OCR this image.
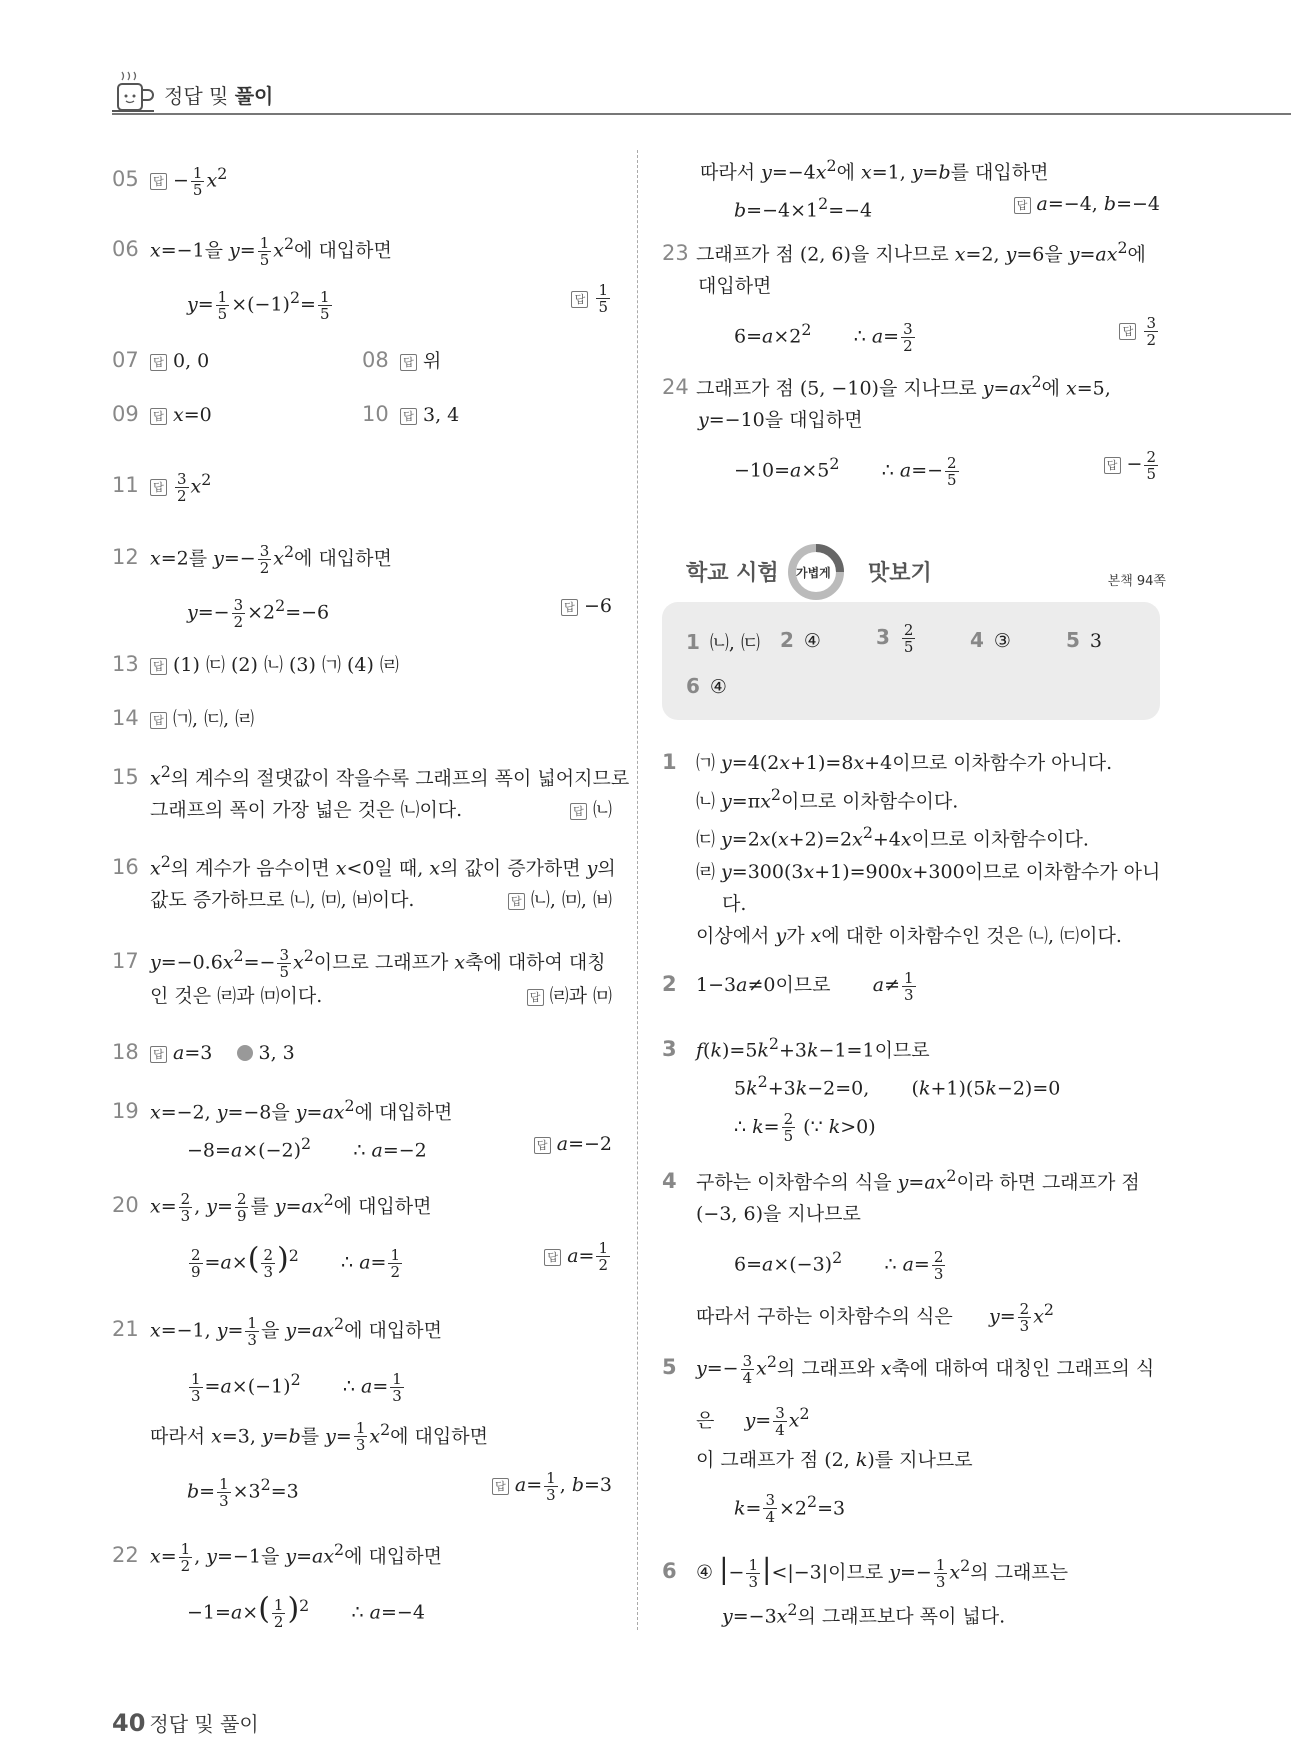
정답 및 풀이
05 답 − $\frac{1}{5} x^2$
06 x=−1을 $y= \frac{1}{5} x^2$에 대입하면
$y= \frac{1}{5} \times(-1)^2= \frac{1}{5}$ 답	$\frac{1}{5}$
07 답 0, 0	08 답 위
09 답 x=0	10 답 3, 4
11 답 $\frac{3}{2} x^2$
12 x=2를 $y=- \frac{3}{2} x^2$에 대입하면
$y=- \frac{3}{2} \times 2^2=-6$ 답	−6
13 답 (1) ㈂ (2) ㈁ (3) ㈀ (4) ㈃
14 답 ㈀, ㈂, ㈃
15 $x^2$의 계수의 절댓값이 작을수록 그래프의 폭이 넓어지므로
그래프의 폭이 가장 넓은 것은 ㈁이다. 답	㈁
16 $x^2$의 계수가 음수이면 x<0일 때, x의 값이 증가하면 y의
값도 증가하므로 ㈁, ㈄, ㈅이다. 답	㈁, ㈄, ㈅
17 $y=-0.6x^2=- \frac{3}{5} x^2$이므로 그래프가 x축에 대하여 대칭
인 것은 ㈃과 ㈄이다. 답	㈃과 ㈄
18 답 a=3    3, 3
19 x=−2, y=−8을 $y=ax^2$에 대입하면
$-8=a\times(-2)^2$       ∴ a=−2 답	a=−2
20 $x= \frac{2}{3}$ , $y= \frac{2}{9}$ 를 $y=ax^2$에 대입하면
$\frac{2}{9} =a\times( \frac{2}{3} )^2$       ∴ $a= \frac{1}{2}$ 답	$a= \frac{1}{2}$
21 x=−1, $y= \frac{1}{3}$ 을 $y=ax^2$에 대입하면
$\frac{1}{3} =a\times(-1)^2$       ∴ $a= \frac{1}{3}$
따라서 x=3, y=b를 $y= \frac{1}{3} x^2$에 대입하면
$b= \frac{1}{3} \times 3^2=3$ 답	$a= \frac{1}{3}$ , b=3
22 $x= \frac{1}{2}$ , y=−1을 $y=ax^2$에 대입하면
$-1=a\times( \frac{1}{2} )^2$       ∴ a=−4
따라서 $y=-4x^2$에 x=1, y=b를 대입하면
$b=-4\times 1^2=-4$ 답	a=−4, b=−4
23 그래프가 점 (2, 6)을 지나므로 x=2, y=6을 $y=ax^2$에
대입하면
$6=a\times 2^2$       ∴ $a= \frac{3}{2}$ 답	$\frac{3}{2}$
24 그래프가 점 (5, −10)을 지나므로 $y=ax^2$에 x=5,
y=−10을 대입하면
$-10=a\times 5^2$       ∴ $a=- \frac{2}{5}$ 답	− $\frac{2}{5}$
학교 시험 가볍게 맛보기	본책 94쪽
1 ㈁, ㈂ 2 ④	$3 \frac{2}{5}$	4 ③	5 3
6 ④
1 ㈀ y=4(2x+1)=8x+4이므로 이차함수가 아니다.
㈁ $y=\pi x^2$이므로 이차함수이다.
㈂ $y=2x(x+2)=2x^2+4x$이므로 이차함수이다.
㈃ y=300(3x+1)=900x+300이므로 이차함수가 아니
다.
이상에서 y가 x에 대한 이차함수인 것은 ㈁, ㈂이다.
2 1−3a≠0이므로 $a\ne \frac{1}{3}$
3 $f(k)=5k^2+3k-1=1$이므로
$5k^2+3k-2=0$,       (k+1)(5k−2)=0
∴ $k= \frac{2}{5}$ (∵ k>0)
4 구하는 이차함수의 식을 $y=ax^2$이라 하면 그래프가 점
(−3, 6)을 지나므로
$6=a\times(-3)^2$       ∴ $a= \frac{2}{3}$
따라서 구하는 이차함수의 식은 $y= \frac{2}{3} x^2$
5 $y=- \frac{3}{4} x^2$의 그래프와 x축에 대하여 대칭인 그래프의 식
은 $y= \frac{3}{4} x^2$
이 그래프가 점 (2, k)를 지나므로
$k= \frac{3}{4} \times 2^2=3$
6 ④ |− $\frac{1}{3} |<|-3|$이므로 $y=- \frac{1}{3} x^2$의 그래프는
$y=-3x^2$의 그래프보다 폭이 넓다.
40 정답 및 풀이
